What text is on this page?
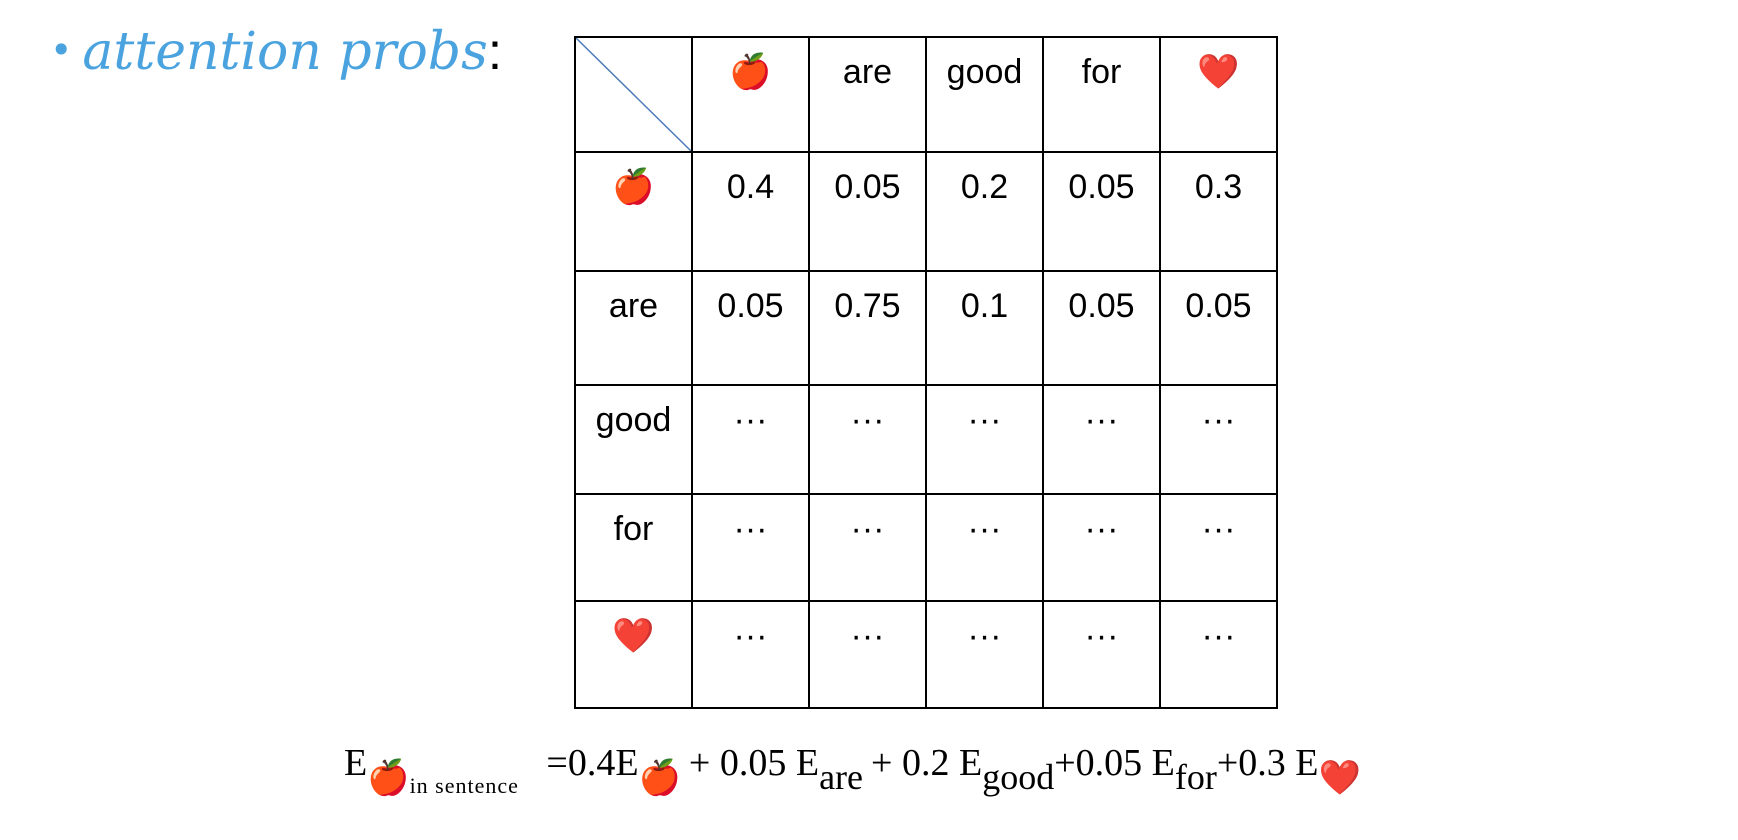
• attention probs:
		🍎	are	good	for	❤️

🍎	0.4	0.05	0.2	0.05	0.3

are	0.05	0.75	0.1	0.05	0.05

good	···	···	···	···	···

for	···	···	···	···	···

❤️	···	···	···	···	···
$E🍎_{in sentence}$ =0.4E🍎+ 0.05 $E_{are}+ 0.2$ $E_{good}+0.05$ $E_{for}+0.3$ E❤️
